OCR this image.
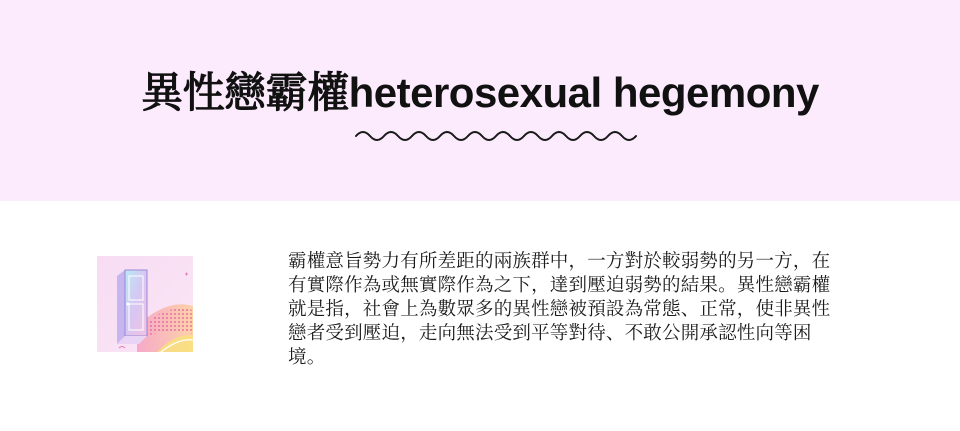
異性戀霸權heterosexual hegemony

霸權意旨勢力有所差距的兩族群中，一方對於較弱勢的另一方，在有實際作為或無實際作為之下，達到壓迫弱勢的結果。異性戀霸權就是指，社會上為數眾多的異性戀被預設為常態、正常，使非異性戀者受到壓迫，走向無法受到平等對待、不敢公開承認性向等困境。
